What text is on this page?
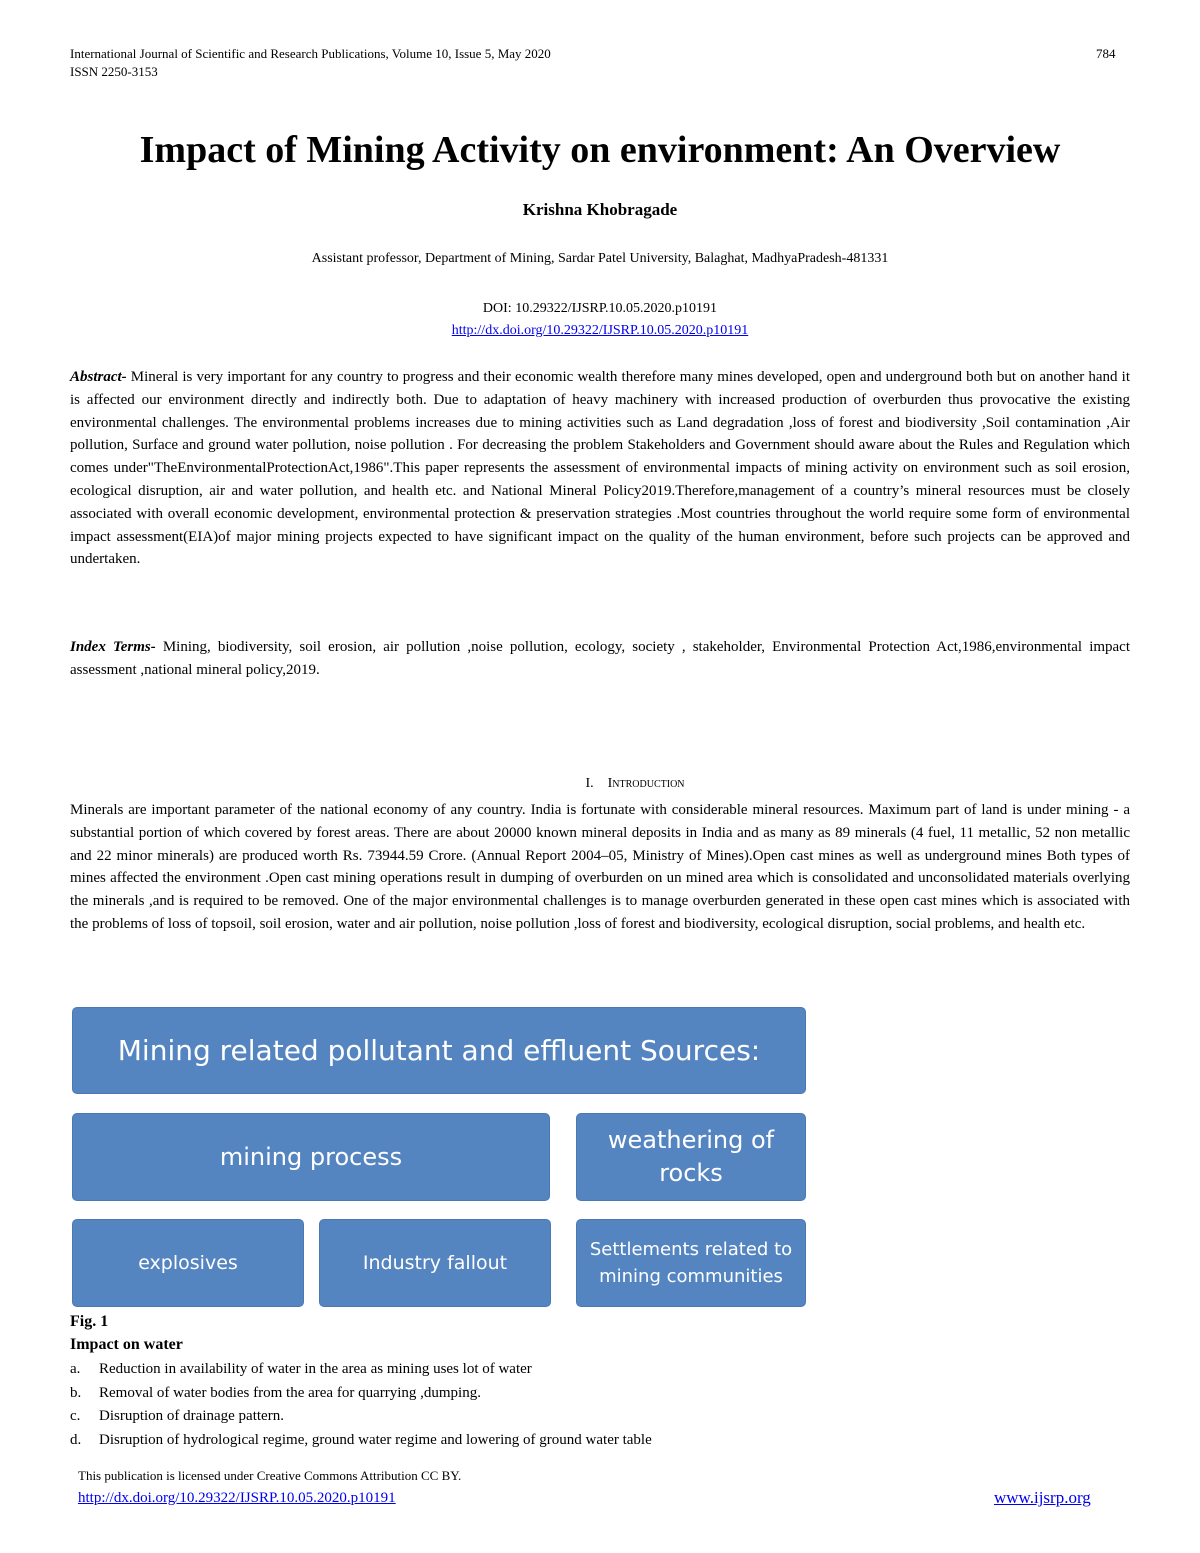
International Journal of Scientific and Research Publications, Volume 10, Issue 5, May 2020
ISSN 2250-3153
784
Impact of Mining Activity on environment: An Overview
Krishna Khobragade
Assistant professor, Department of Mining, Sardar Patel University, Balaghat, MadhyaPradesh-481331
DOI: 10.29322/IJSRP.10.05.2020.p10191
http://dx.doi.org/10.29322/IJSRP.10.05.2020.p10191
Abstract- Mineral is very important for any country to progress and their economic wealth therefore many mines developed, open and underground both but on another hand it is affected our environment directly and indirectly both. Due to adaptation of heavy machinery with increased production of overburden thus provocative the existing environmental challenges. The environmental problems increases due to mining activities such as Land degradation ,loss of forest and biodiversity ,Soil contamination ,Air pollution, Surface and ground water pollution, noise pollution . For decreasing the problem Stakeholders and Government should aware about the Rules and Regulation which comes under"TheEnvironmentalProtectionAct,1986".This paper represents the assessment of environmental impacts of mining activity on environment such as soil erosion, ecological disruption, air and water pollution, and health etc. and National Mineral Policy2019.Therefore,management of a country’s mineral resources must be closely associated with overall economic development, environmental protection & preservation strategies .Most countries throughout the world require some form of environmental impact assessment(EIA)of major mining projects expected to have significant impact on the quality of the human environment, before such projects can be approved and undertaken.
Index Terms- Mining, biodiversity, soil erosion, air pollution ,noise pollution, ecology, society , stakeholder, Environmental Protection Act,1986,environmental impact assessment ,national mineral policy,2019.
I. Introduction
Minerals are important parameter of the national economy of any country. India is fortunate with considerable mineral resources. Maximum part of land is under mining - a substantial portion of which covered by forest areas. There are about 20000 known mineral deposits in India and as many as 89 minerals (4 fuel, 11 metallic, 52 non metallic and 22 minor minerals) are produced worth Rs. 73944.59 Crore. (Annual Report 2004–05, Ministry of Mines).Open cast mines as well as underground mines Both types of mines affected the environment .Open cast mining operations result in dumping of overburden on un mined area which is consolidated and unconsolidated materials overlying the minerals ,and is required to be removed. One of the major environmental challenges is to manage overburden generated in these open cast mines which is associated with the problems of loss of topsoil, soil erosion, water and air pollution, noise pollution ,loss of forest and biodiversity, ecological disruption, social problems, and health etc.
Mining related pollutant and effluent Sources:
mining process
weathering of rocks
explosives	Industry fallout
Settlements related to mining communities
Fig. 1
Impact on water
a. Reduction in availability of water in the area as mining uses lot of water
b. Removal of water bodies from the area for quarrying ,dumping.
c. Disruption of drainage pattern.
d. Disruption of hydrological regime, ground water regime and lowering of ground water table
This publication is licensed under Creative Commons Attribution CC BY.
http://dx.doi.org/10.29322/IJSRP.10.05.2020.p10191	www.ijsrp.org
